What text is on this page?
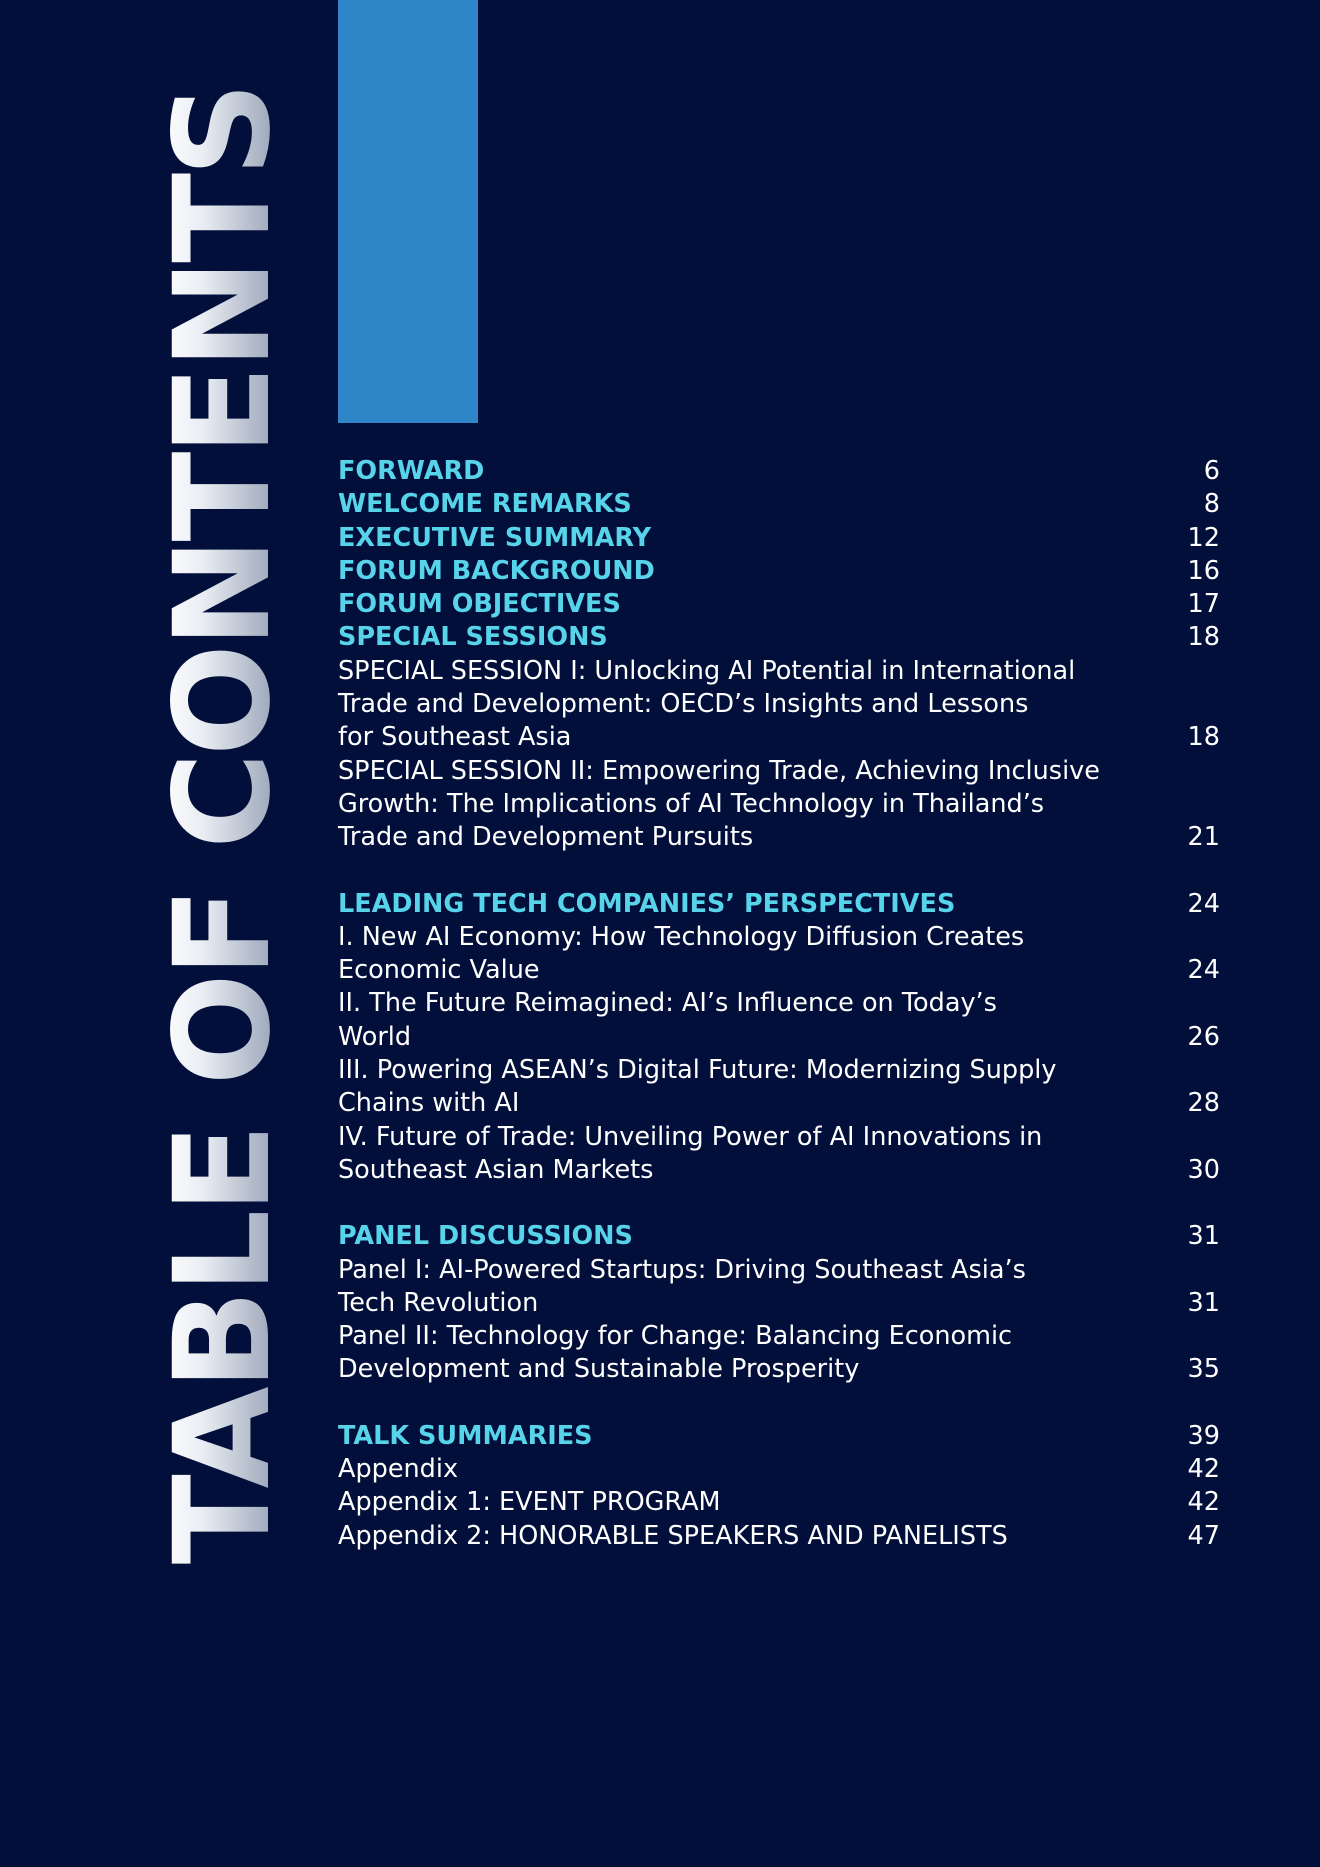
TABLE OF CONTENTS FORWARD	6
WELCOME REMARKS	8
EXECUTIVE SUMMARY	12
FORUM BACKGROUND	16
FORUM OBJECTIVES	17
SPECIAL SESSIONS	18
SPECIAL SESSION I: Unlocking AI Potential in International
Trade and Development: OECD’s Insights and Lessons
for Southeast Asia	18
SPECIAL SESSION II: Empowering Trade, Achieving Inclusive
Growth: The Implications of AI Technology in Thailand’s
Trade and Development Pursuits	21
LEADING TECH COMPANIES’ PERSPECTIVES	24
I. New AI Economy: How Technology Diffusion Creates
Economic Value	24
II. The Future Reimagined: AI’s Influence on Today’s
World	26
III. Powering ASEAN’s Digital Future: Modernizing Supply
Chains with AI	28
IV. Future of Trade: Unveiling Power of AI Innovations in
Southeast Asian Markets	30
PANEL DISCUSSIONS	31
Panel I: AI-Powered Startups: Driving Southeast Asia’s
Tech Revolution	31
Panel II: Technology for Change: Balancing Economic
Development and Sustainable Prosperity	35
TALK SUMMARIES	39
Appendix	42
Appendix 1: EVENT PROGRAM	42
Appendix 2: HONORABLE SPEAKERS AND PANELISTS	47
